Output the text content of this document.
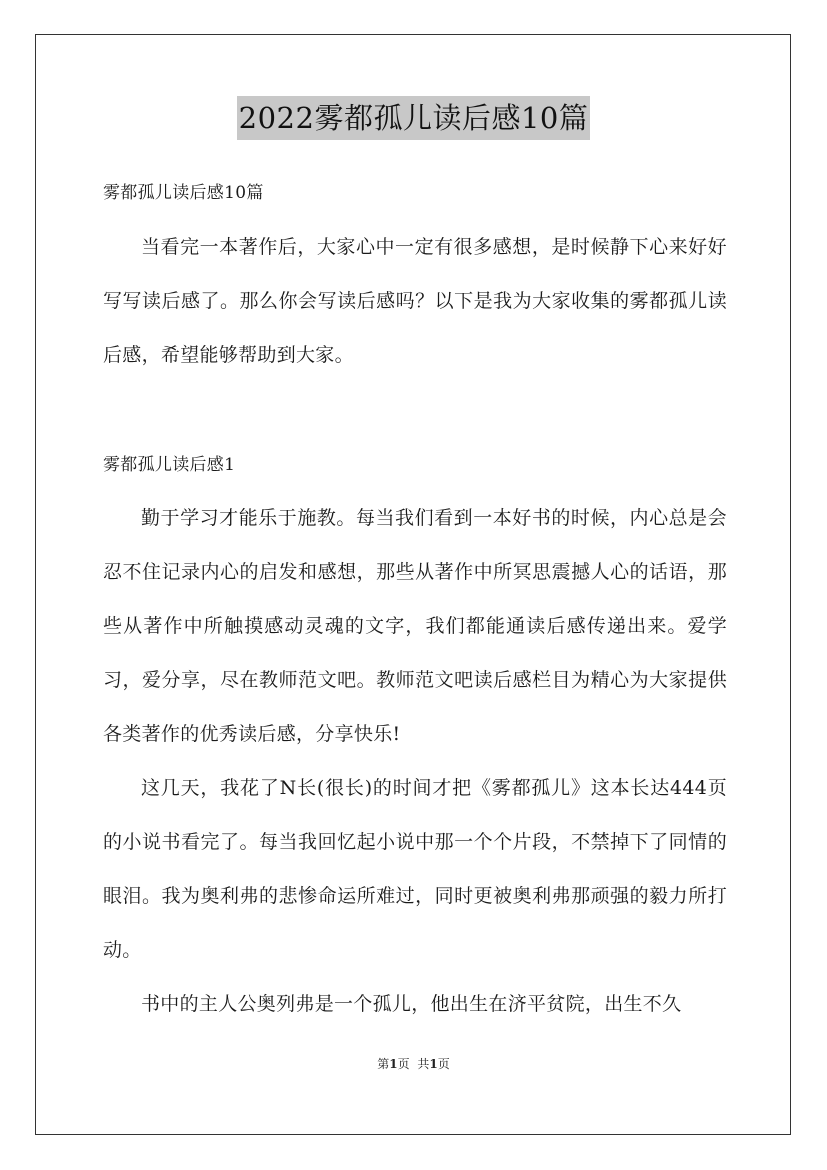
2022雾都孤儿读后感10篇

雾都孤儿读后感10篇

当看完一本著作后，大家心中一定有很多感想，是时候静下心来好好写写读后感了。那么你会写读后感吗？以下是我为大家收集的雾都孤儿读后感，希望能够帮助到大家。

雾都孤儿读后感1

勤于学习才能乐于施教。每当我们看到一本好书的时候，内心总是会忍不住记录内心的启发和感想，那些从著作中所冥思震撼人心的话语，那些从著作中所触摸感动灵魂的文字，我们都能通读后感传递出来。爱学习，爱分享，尽在教师范文吧。教师范文吧读后感栏目为精心为大家提供各类著作的优秀读后感，分享快乐!

这几天，我花了N长(很长)的时间才把《雾都孤儿》这本长达444页的小说书看完了。每当我回忆起小说中那一个个片段，不禁掉下了同情的眼泪。我为奥利弗的悲惨命运所难过，同时更被奥利弗那顽强的毅力所打动。

书中的主人公奥列弗是一个孤儿，他出生在济平贫院，出生不久

第1页 共1页
